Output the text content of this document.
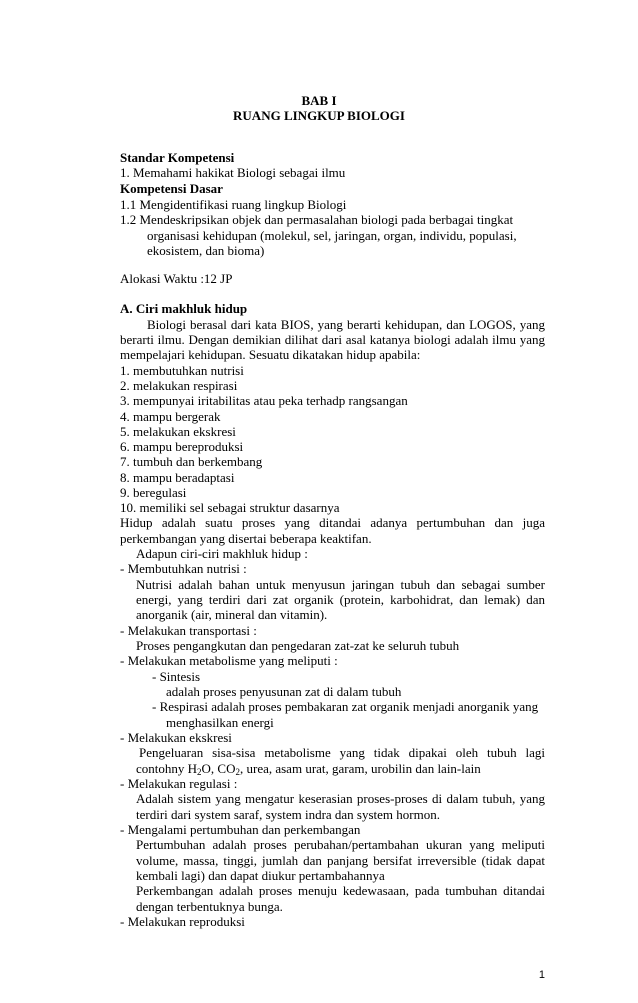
BAB I
RUANG LINGKUP BIOLOGI
Standar Kompetensi
1. Memahami hakikat Biologi sebagai ilmu
Kompetensi Dasar
1.1 Mengidentifikasi ruang lingkup Biologi
1.2 Mendeskripsikan objek dan permasalahan biologi pada berbagai tingkat
organisasi kehidupan (molekul, sel, jaringan, organ, individu, populasi,
ekosistem, dan bioma)
Alokasi Waktu :12 JP
A. Ciri makhluk hidup
Biologi berasal dari kata BIOS, yang berarti kehidupan, dan LOGOS, yang
berarti ilmu. Dengan demikian dilihat dari asal katanya biologi adalah ilmu yang
mempelajari kehidupan. Sesuatu dikatakan hidup apabila:
1. membutuhkan nutrisi
2. melakukan respirasi
3. mempunyai iritabilitas atau peka terhadp rangsangan
4. mampu bergerak
5. melakukan ekskresi
6. mampu bereproduksi
7. tumbuh dan berkembang
8. mampu beradaptasi
9. beregulasi
10. memiliki sel sebagai struktur dasarnya
Hidup adalah suatu proses yang ditandai adanya pertumbuhan dan juga
perkembangan yang disertai beberapa keaktifan.
Adapun ciri-ciri makhluk hidup :
- Membutuhkan nutrisi :
Nutrisi adalah bahan untuk menyusun jaringan tubuh dan sebagai sumber
energi, yang terdiri dari zat organik (protein, karbohidrat, dan lemak) dan
anorganik (air, mineral dan vitamin).
- Melakukan transportasi :
Proses pengangkutan dan pengedaran zat-zat ke seluruh tubuh
- Melakukan metabolisme yang meliputi :
- Sintesis
adalah proses penyusunan zat di dalam tubuh
- Respirasi adalah proses pembakaran zat organik menjadi anorganik yang
menghasilkan energi
- Melakukan ekskresi
Pengeluaran sisa-sisa metabolisme yang tidak dipakai oleh tubuh lagi
contohny $H_2O$, $CO_2$, urea, asam urat, garam, urobilin dan lain-lain
- Melakukan regulasi :
Adalah sistem yang mengatur keserasian proses-proses di dalam tubuh, yang
terdiri dari system saraf, system indra dan system hormon.
- Mengalami pertumbuhan dan perkembangan
Pertumbuhan adalah proses perubahan/pertambahan ukuran yang meliputi
volume, massa, tinggi, jumlah dan panjang bersifat irreversible (tidak dapat
kembali lagi) dan dapat diukur pertambahannya
Perkembangan adalah proses menuju kedewasaan, pada tumbuhan ditandai
dengan terbentuknya bunga.
- Melakukan reproduksi
1
